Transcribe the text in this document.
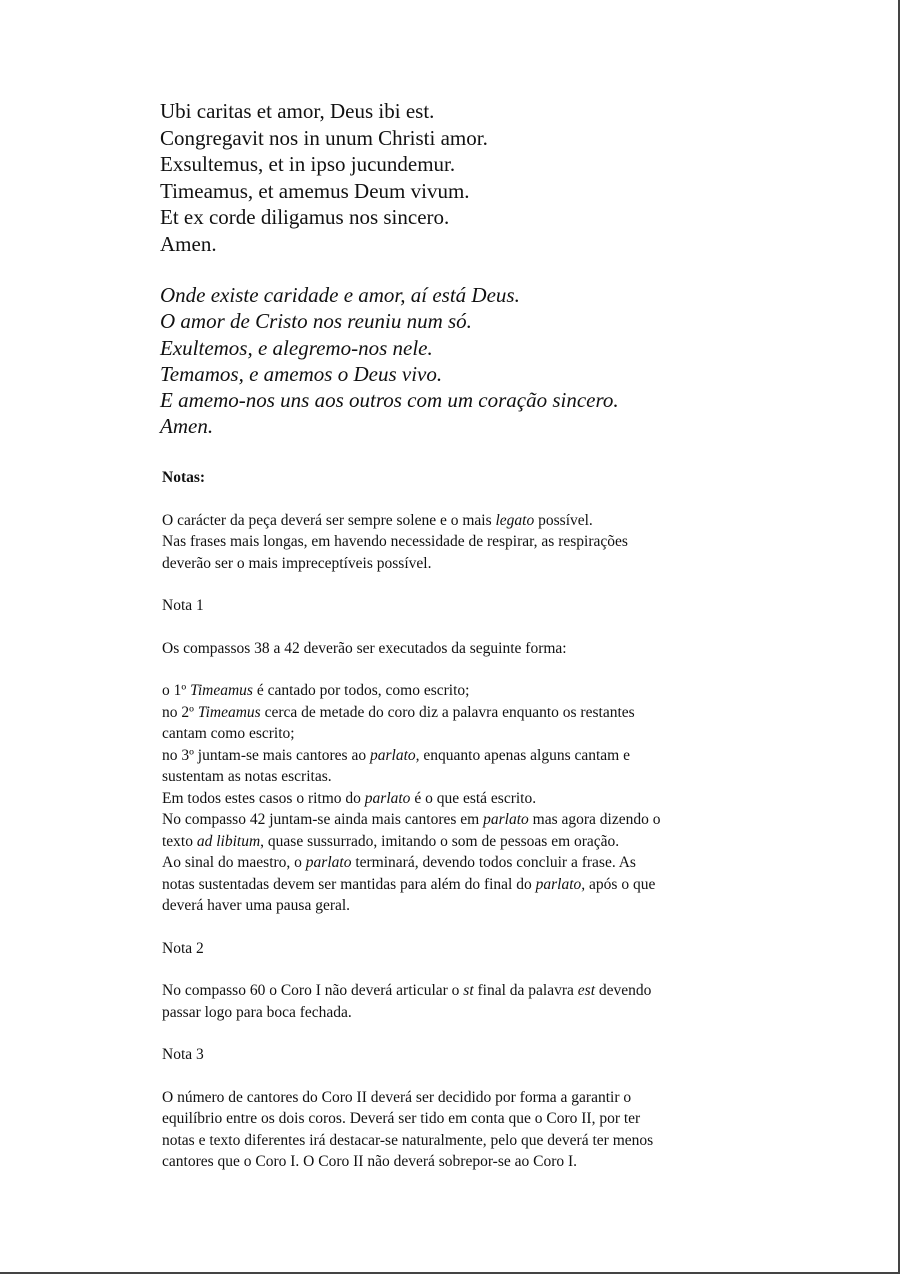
Ubi caritas et amor, Deus ibi est.
Congregavit nos in unum Christi amor.
Exsultemus, et in ipso jucundemur.
Timeamus, et amemus Deum vivum.
Et ex corde diligamus nos sincero.
Amen.
Onde existe caridade e amor, aí está Deus.
O amor de Cristo nos reuniu num só.
Exultemos, e alegremo-nos nele.
Temamos, e amemos o Deus vivo.
E amemo-nos uns aos outros com um coração sincero.
Amen.
Notas:
O carácter da peça deverá ser sempre solene e o mais legato possível.
Nas frases mais longas, em havendo necessidade de respirar, as respirações
deverão ser o mais impreceptíveis possível.
Nota 1
Os compassos 38 a 42 deverão ser executados da seguinte forma:
o 1º Timeamus é cantado por todos, como escrito;
no 2º Timeamus cerca de metade do coro diz a palavra enquanto os restantes
cantam como escrito;
no 3º juntam-se mais cantores ao parlato, enquanto apenas alguns cantam e
sustentam as notas escritas.
Em todos estes casos o ritmo do parlato é o que está escrito.
No compasso 42 juntam-se ainda mais cantores em parlato mas agora dizendo o
texto ad libitum, quase sussurrado, imitando o som de pessoas em oração.
Ao sinal do maestro, o parlato terminará, devendo todos concluir a frase. As
notas sustentadas devem ser mantidas para além do final do parlato, após o que
deverá haver uma pausa geral.
Nota 2
No compasso 60 o Coro I não deverá articular o st final da palavra est devendo
passar logo para boca fechada.
Nota 3
O número de cantores do Coro II deverá ser decidido por forma a garantir o
equilíbrio entre os dois coros. Deverá ser tido em conta que o Coro II, por ter
notas e texto diferentes irá destacar-se naturalmente, pelo que deverá ter menos
cantores que o Coro I. O Coro II não deverá sobrepor-se ao Coro I.
